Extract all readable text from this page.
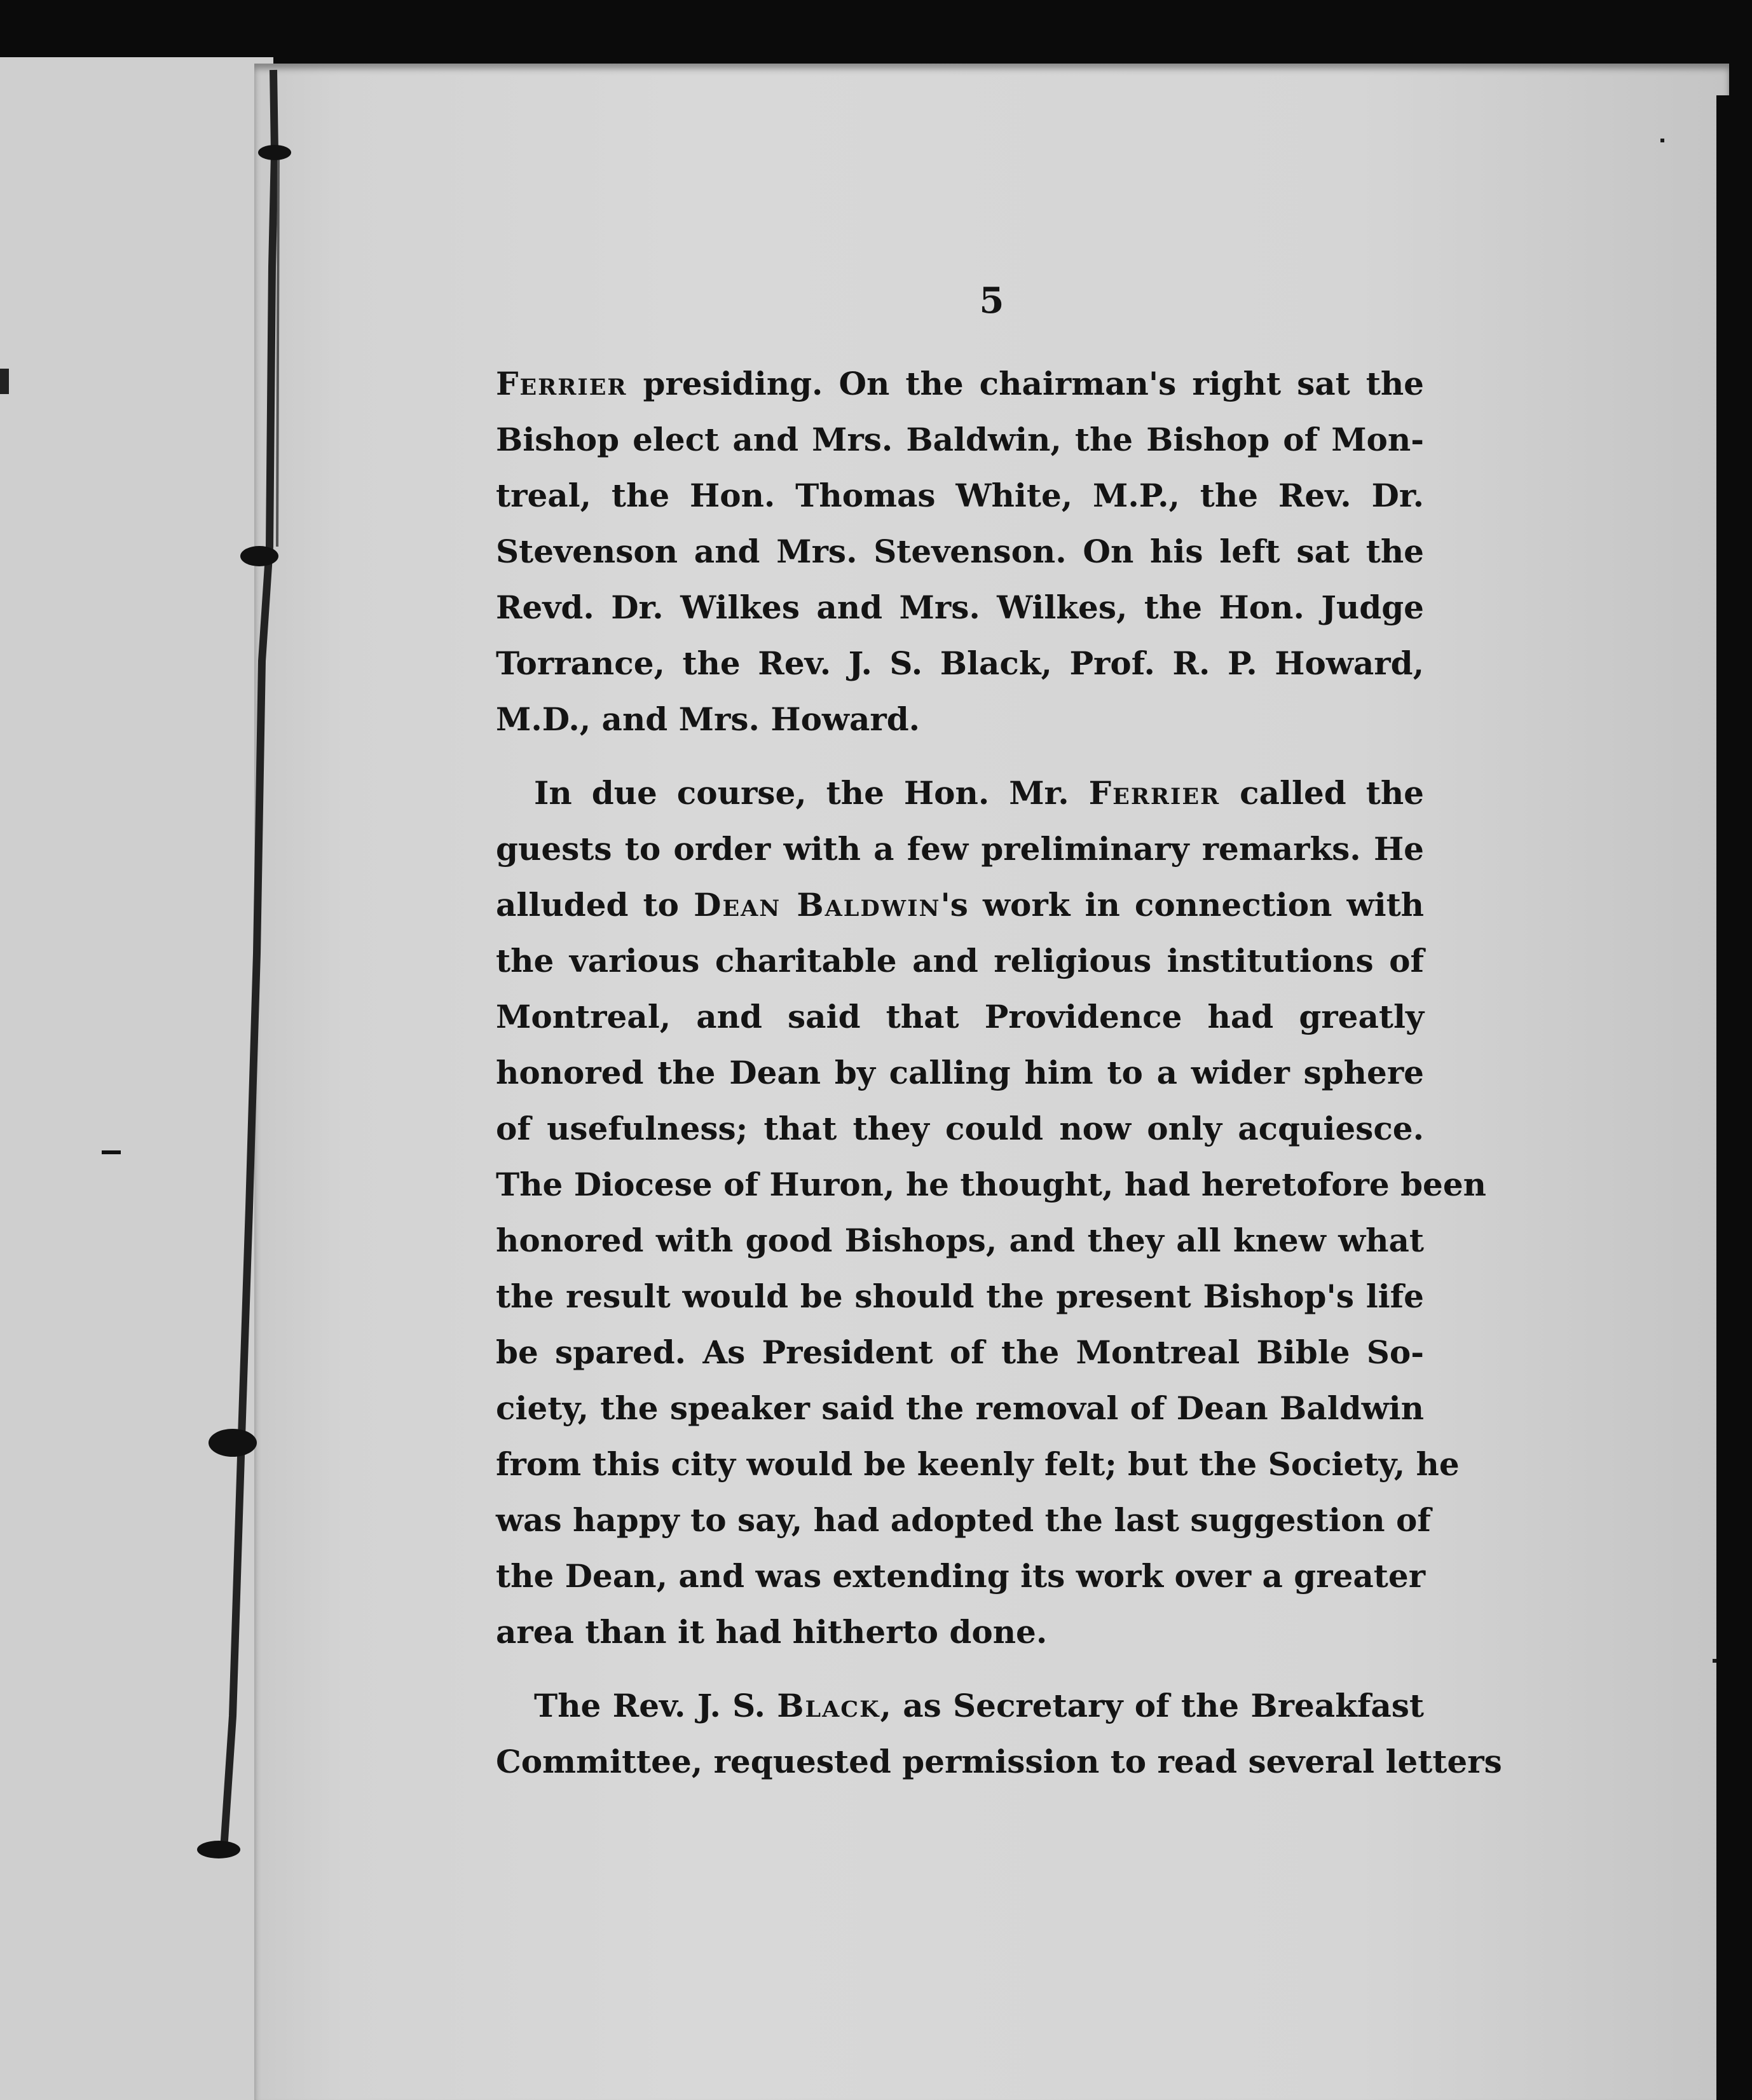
5
Ferrier presiding. On the chairman's right sat the
Bishop elect and Mrs. Baldwin, the Bishop of Mon-
treal, the Hon. Thomas White, M.P., the Rev. Dr.
Stevenson and Mrs. Stevenson. On his left sat the
Revd. Dr. Wilkes and Mrs. Wilkes, the Hon. Judge
Torrance, the Rev. J. S. Black, Prof. R. P. Howard,
M.D., and Mrs. Howard.
In due course, the Hon. Mr. Ferrier called the
guests to order with a few preliminary remarks. He
alluded to Dean Baldwin's work in connection with
the various charitable and religious institutions of
Montreal, and said that Providence had greatly
honored the Dean by calling him to a wider sphere
of usefulness; that they could now only acquiesce.
The Diocese of Huron, he thought, had heretofore been
honored with good Bishops, and they all knew what
the result would be should the present Bishop's life
be spared. As President of the Montreal Bible So-
ciety, the speaker said the removal of Dean Baldwin
from this city would be keenly felt; but the Society, he
was happy to say, had adopted the last suggestion of
the Dean, and was extending its work over a greater
area than it had hitherto done.
The Rev. J. S. Black, as Secretary of the Breakfast
Committee, requested permission to read several letters
